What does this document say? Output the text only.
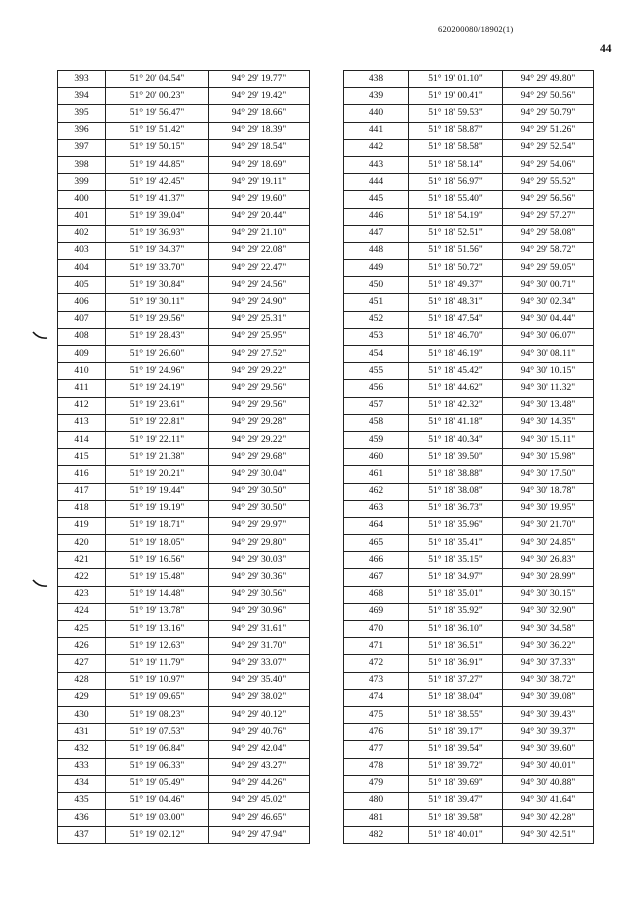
620200080/18902(1)
44
393	51° 20' 04.54"	94° 29' 19.77"
394	51° 20' 00.23"	94° 29' 19.42"
395	51° 19' 56.47"	94° 29' 18.66"
396	51° 19' 51.42"	94° 29' 18.39"
397	51° 19' 50.15"	94° 29' 18.54"
398	51° 19' 44.85"	94° 29' 18.69"
399	51° 19' 42.45"	94° 29' 19.11"
400	51° 19' 41.37"	94° 29' 19.60"
401	51° 19' 39.04"	94° 29' 20.44"
402	51° 19' 36.93"	94° 29' 21.10"
403	51° 19' 34.37"	94° 29' 22.08"
404	51° 19' 33.70"	94° 29' 22.47"
405	51° 19' 30.84"	94° 29' 24.56"
406	51° 19' 30.11"	94° 29' 24.90"
407	51° 19' 29.56"	94° 29' 25.31"
408	51° 19' 28.43"	94° 29' 25.95"
409	51° 19' 26.60"	94° 29' 27.52"
410	51° 19' 24.96"	94° 29' 29.22"
411	51° 19' 24.19"	94° 29' 29.56"
412	51° 19' 23.61"	94° 29' 29.56"
413	51° 19' 22.81"	94° 29' 29.28"
414	51° 19' 22.11"	94° 29' 29.22"
415	51° 19' 21.38"	94° 29' 29.68"
416	51° 19' 20.21"	94° 29' 30.04"
417	51° 19' 19.44"	94° 29' 30.50"
418	51° 19' 19.19"	94° 29' 30.50"
419	51° 19' 18.71"	94° 29' 29.97"
420	51° 19' 18.05"	94° 29' 29.80"
421	51° 19' 16.56"	94° 29' 30.03"
422	51° 19' 15.48"	94° 29' 30.36"
423	51° 19' 14.48"	94° 29' 30.56"
424	51° 19' 13.78"	94° 29' 30.96"
425	51° 19' 13.16"	94° 29' 31.61"
426	51° 19' 12.63"	94° 29' 31.70"
427	51° 19' 11.79"	94° 29' 33.07"
428	51° 19' 10.97"	94° 29' 35.40"
429	51° 19' 09.65"	94° 29' 38.02"
430	51° 19' 08.23"	94° 29' 40.12"
431	51° 19' 07.53"	94° 29' 40.76"
432	51° 19' 06.84"	94° 29' 42.04"
433	51° 19' 06.33"	94° 29' 43.27"
434	51° 19' 05.49"	94° 29' 44.26"
435	51° 19' 04.46"	94° 29' 45.02"
436	51° 19' 03.00"	94° 29' 46.65"
437	51° 19' 02.12"	94° 29' 47.94"
438	51° 19' 01.10"	94° 29' 49.80"
439	51° 19' 00.41"	94° 29' 50.56"
440	51° 18' 59.53"	94° 29' 50.79"
441	51° 18' 58.87"	94° 29' 51.26"
442	51° 18' 58.58"	94° 29' 52.54"
443	51° 18' 58.14"	94° 29' 54.06"
444	51° 18' 56.97"	94° 29' 55.52"
445	51° 18' 55.40"	94° 29' 56.56"
446	51° 18' 54.19"	94° 29' 57.27"
447	51° 18' 52.51"	94° 29' 58.08"
448	51° 18' 51.56"	94° 29' 58.72"
449	51° 18' 50.72"	94° 29' 59.05"
450	51° 18' 49.37"	94° 30' 00.71"
451	51° 18' 48.31"	94° 30' 02.34"
452	51° 18' 47.54"	94° 30' 04.44"
453	51° 18' 46.70"	94° 30' 06.07"
454	51° 18' 46.19"	94° 30' 08.11"
455	51° 18' 45.42"	94° 30' 10.15"
456	51° 18' 44.62"	94° 30' 11.32"
457	51° 18' 42.32"	94° 30' 13.48"
458	51° 18' 41.18"	94° 30' 14.35"
459	51° 18' 40.34"	94° 30' 15.11"
460	51° 18' 39.50"	94° 30' 15.98"
461	51° 18' 38.88"	94° 30' 17.50"
462	51° 18' 38.08"	94° 30' 18.78"
463	51° 18' 36.73"	94° 30' 19.95"
464	51° 18' 35.96"	94° 30' 21.70"
465	51° 18' 35.41"	94° 30' 24.85"
466	51° 18' 35.15"	94° 30' 26.83"
467	51° 18' 34.97"	94° 30' 28.99"
468	51° 18' 35.01"	94° 30' 30.15"
469	51° 18' 35.92"	94° 30' 32.90"
470	51° 18' 36.10"	94° 30' 34.58"
471	51° 18' 36.51"	94° 30' 36.22"
472	51° 18' 36.91"	94° 30' 37.33"
473	51° 18' 37.27"	94° 30' 38.72"
474	51° 18' 38.04"	94° 30' 39.08"
475	51° 18' 38.55"	94° 30' 39.43"
476	51° 18' 39.17"	94° 30' 39.37"
477	51° 18' 39.54"	94° 30' 39.60"
478	51° 18' 39.72"	94° 30' 40.01"
479	51° 18' 39.69"	94° 30' 40.88"
480	51° 18' 39.47"	94° 30' 41.64"
481	51° 18' 39.58"	94° 30' 42.28"
482	51° 18' 40.01"	94° 30' 42.51"
